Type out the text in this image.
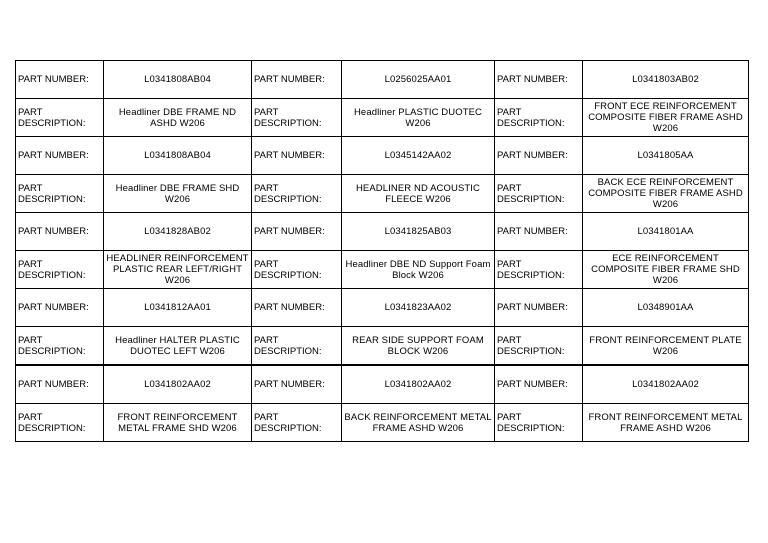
PART NUMBER:	L0341808AB04	PART NUMBER:	L0256025AA01	PART NUMBER:	L0341803AB02
PART DESCRIPTION:	Headliner DBE FRAME ND ASHD W206	PART DESCRIPTION:	Headliner PLASTIC DUOTEC W206	PART DESCRIPTION:	FRONT ECE REINFORCEMENT COMPOSITE FIBER FRAME ASHD W206
PART NUMBER:	L0341808AB04	PART NUMBER:	L0345142AA02	PART NUMBER:	L0341805AA
PART DESCRIPTION:	Headliner DBE FRAME SHD W206	PART DESCRIPTION:	HEADLINER ND ACOUSTIC FLEECE W206	PART DESCRIPTION:	BACK ECE REINFORCEMENT COMPOSITE FIBER FRAME ASHD W206
PART NUMBER:	L0341828AB02	PART NUMBER:	L0341825AB03	PART NUMBER:	L0341801AA
PART DESCRIPTION:	HEADLINER REINFORCEMENT PLASTIC REAR LEFT/RIGHT W206	PART DESCRIPTION:	Headliner DBE ND Support Foam Block W206	PART DESCRIPTION:	ECE REINFORCEMENT COMPOSITE FIBER FRAME SHD W206
PART NUMBER:	L0341812AA01	PART NUMBER:	L0341823AA02	PART NUMBER:	L0348901AA
PART DESCRIPTION:	Headliner HALTER PLASTIC DUOTEC LEFT W206	PART DESCRIPTION:	REAR SIDE SUPPORT FOAM BLOCK W206	PART DESCRIPTION:	FRONT REINFORCEMENT PLATE W206
PART NUMBER:	L0341802AA02	PART NUMBER:	L0341802AA02	PART NUMBER:	L0341802AA02
PART DESCRIPTION:	FRONT REINFORCEMENT METAL FRAME SHD W206	PART DESCRIPTION:	BACK REINFORCEMENT METAL FRAME ASHD W206	PART DESCRIPTION:	FRONT REINFORCEMENT METAL FRAME ASHD W206
